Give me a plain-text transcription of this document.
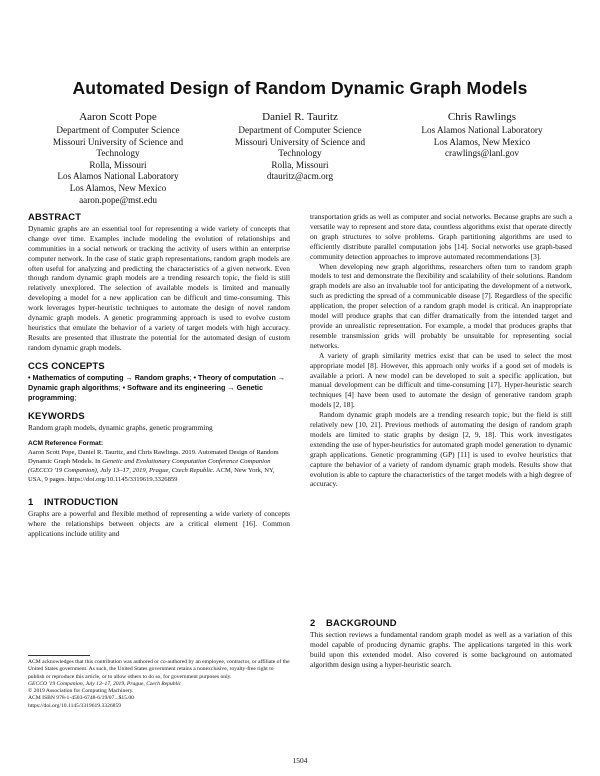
Automated Design of Random Dynamic Graph Models
Aaron Scott Pope
Department of Computer Science
Missouri University of Science and
Technology
Rolla, Missouri
Los Alamos National Laboratory
Los Alamos, New Mexico
aaron.pope@mst.edu
Daniel R. Tauritz
Department of Computer Science
Missouri University of Science and
Technology
Rolla, Missouri
dtauritz@acm.org
Chris Rawlings
Los Alamos National Laboratory
Los Alamos, New Mexico
crawlings@lanl.gov
ABSTRACT

Dynamic graphs are an essential tool for representing a wide variety of concepts that change over time. Examples include modeling the evolution of relationships and communities in a social network or tracking the activity of users within an enterprise computer network. In the case of static graph representations, random graph models are often useful for analyzing and predicting the characteristics of a given network. Even though random dynamic graph models are a trending research topic, the field is still relatively unexplored. The selection of available models is limited and manually developing a model for a new application can be difficult and time-consuming. This work leverages hyper-heuristic techniques to automate the design of novel random dynamic graph models. A genetic programming approach is used to evolve custom heuristics that emulate the behavior of a variety of target models with high accuracy. Results are presented that illustrate the potential for the automated design of custom random dynamic graph models.

CCS CONCEPTS
• Mathematics of computing → Random graphs; • Theory of computation → Dynamic graph algorithms; • Software and its engineering → Genetic programming;
KEYWORDS

Random graph models, dynamic graphs, genetic programming

ACM Reference Format:
Aaron Scott Pope, Daniel R. Tauritz, and Chris Rawlings. 2019. Automated Design of Random Dynamic Graph Models. In Genetic and Evolutionary Computation Conference Companion (GECCO '19 Companion), July 13–17, 2019, Prague, Czech Republic. ACM, New York, NY, USA, 9 pages. https://doi.org/10.1145/3319619.3326859
1 INTRODUCTION

Graphs are a powerful and flexible method of representing a wide variety of concepts where the relationships between objects are a critical element [16]. Common applications include utility and

ACM acknowledges that this contribution was authored or co-authored by an employee, contractor, or affiliate of the United States government. As such, the United States government retains a nonexclusive, royalty-free right to publish or reproduce this article, or to allow others to do so, for government purposes only.
GECCO '19 Companion, July 13–17, 2019, Prague, Czech Republic
© 2019 Association for Computing Machinery.
ACM ISBN 978-1-4503-6748-6/19/07...$15.00
https://doi.org/10.1145/3319619.3326859

transportation grids as well as computer and social networks. Because graphs are such a versatile way to represent and store data, countless algorithms exist that operate directly on graph structures to solve problems. Graph partitioning algorithms are used to efficiently distribute parallel computation jobs [14]. Social networks use graph-based community detection approaches to improve automated recommendations [3].

When developing new graph algorithms, researchers often turn to random graph models to test and demonstrate the flexibility and scalability of their solutions. Random graph models are also an invaluable tool for anticipating the development of a network, such as predicting the spread of a communicable disease [7]. Regardless of the specific application, the proper selection of a random graph model is critical. An inappropriate model will produce graphs that can differ dramatically from the intended target and provide an unrealistic representation. For example, a model that produces graphs that resemble transmission grids will probably be unsuitable for representing social networks.

A variety of graph similarity metrics exist that can be used to select the most appropriate model [8]. However, this approach only works if a good set of models is available a priori. A new model can be developed to suit a specific application, but manual development can be difficult and time-consuming [17]. Hyper-heuristic search techniques [4] have been used to automate the design of generative random graph models [2, 18].

Random dynamic graph models are a trending research topic, but the field is still relatively new [10, 21]. Previous methods of automating the design of random graph models are limited to static graphs by design [2, 9, 18]. This work investigates extending the use of hyper-heuristics for automated graph model generation to dynamic graph applications. Genetic programming (GP) [11] is used to evolve heuristics that capture the behavior of a variety of random dynamic graph models. Results show that evolution is able to capture the characteristics of the target models with a high degree of accuracy.

2 BACKGROUND

This section reviews a fundamental random graph model as well as a variation of this model capable of producing dynamic graphs. The applications targeted in this work build upon this extended model. Also covered is some background on automated algorithm design using a hyper-heuristic search.

1504
